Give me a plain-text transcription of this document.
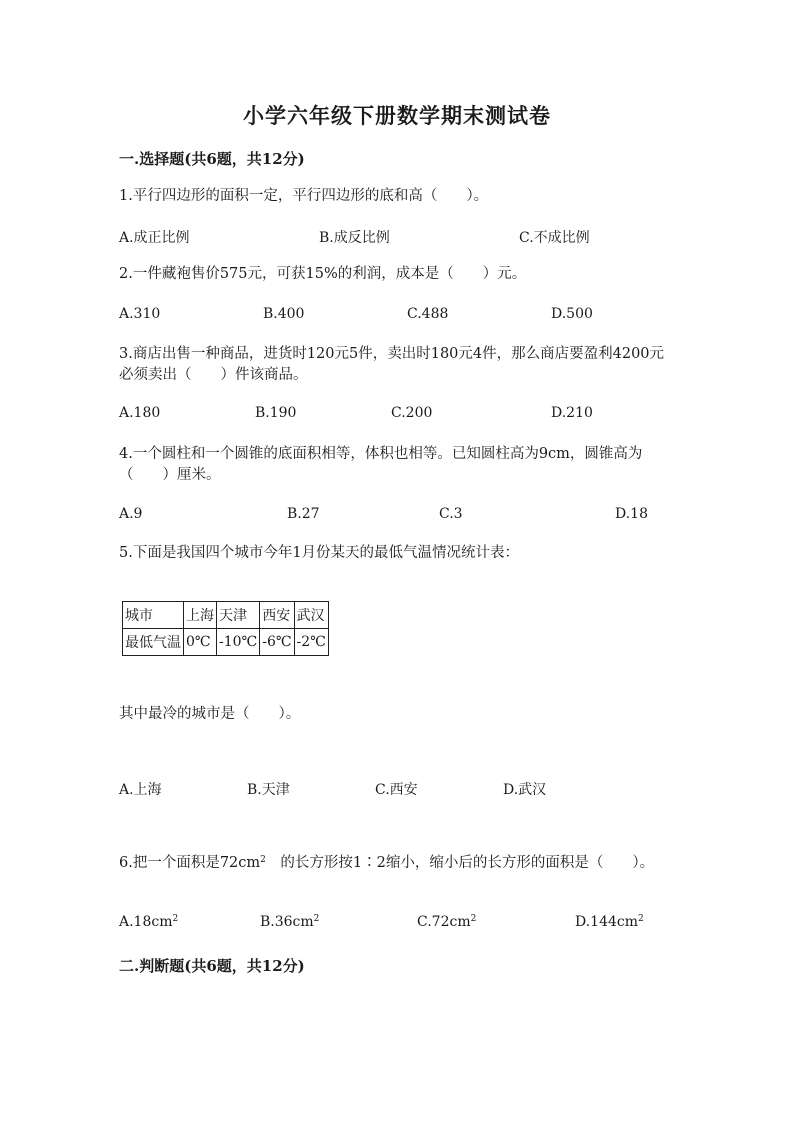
小学六年级下册数学期末测试卷
一.选择题(共6题，共12分)
1.平行四边形的面积一定，平行四边形的底和高（　　）。
A.成正比例	B.成反比例	C.不成比例
2.一件藏袍售价575元，可获15%的利润，成本是（　　）元。
A.310	B.400	C.488	D.500
3.商店出售一种商品，进货时120元5件，卖出时180元4件，那么商店要盈利4200元必须卖出（　　）件该商品。
A.180	B.190	C.200	D.210
4.一个圆柱和一个圆锥的底面积相等，体积也相等。已知圆柱高为9cm，圆锥高为（　　）厘米。
A.9	B.27	C.3	D.18
5.下面是我国四个城市今年1月份某天的最低气温情况统计表：
城市	上海	天津	西安	武汉
最低气温	0℃	-10℃	-6℃	-2℃
其中最冷的城市是（　　）。
A.上海	B.天津	C.西安	D.武汉
6.把一个面积是$72cm^2$　的长方形按1∶2缩小，缩小后的长方形的面积是（　　）。
$A.18cm^2$	$B.36cm^2$	$C.72cm^2$	$D.144cm^2$
二.判断题(共6题，共12分)
